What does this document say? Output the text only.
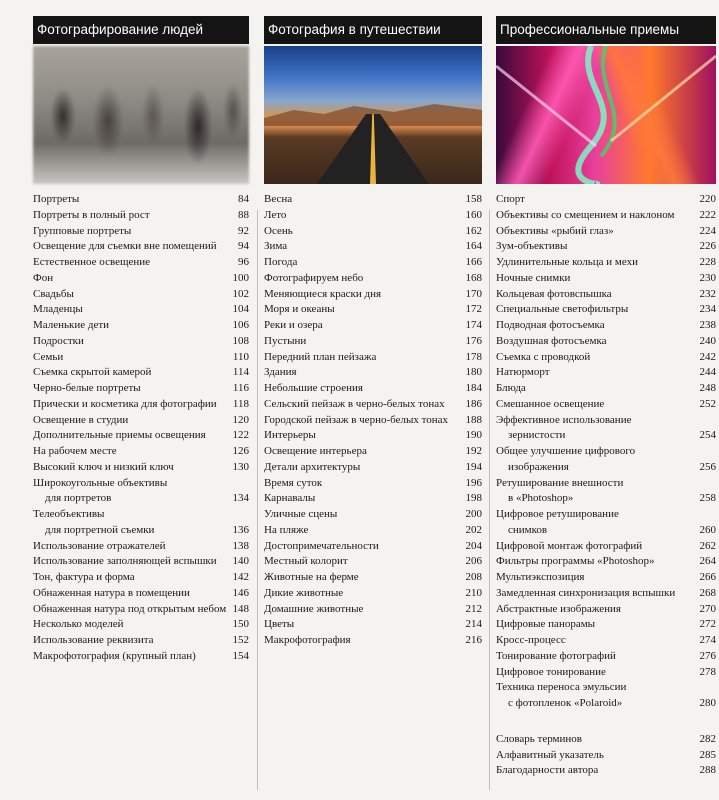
Фотографирование людей
Портреты	84
Портреты в полный рост	88
Групповые портреты	92
Освещение для съемки вне помещений	94
Естественное освещение	96
Фон	100
Свадьбы	102
Младенцы	104
Маленькие дети	106
Подростки	108
Семьи	110
Съемка скрытой камерой	114
Черно-белые портреты	116
Прически и косметика для фотографии	118
Освещение в студии	120
Дополнительные приемы освещения	122
На рабочем месте	126
Высокий ключ и низкий ключ	130
Широкоугольные объективы
для портретов	134
Телеобъективы
для портретной съемки	136
Использование отражателей	138
Использование заполняющей вспышки	140
Тон, фактура и форма	142
Обнаженная натура в помещении	146
Обнаженная натура под открытым небом 148
Несколько моделей	150
Использование реквизита	152
Макрофотография (крупный план)	154
Фотография в путешествии
Весна	158
Лето	160
Осень	162
Зима	164
Погода	166
Фотографируем небо	168
Меняющиеся краски дня	170
Моря и океаны	172
Реки и озера	174
Пустыни	176
Передний план пейзажа	178
Здания	180
Небольшие строения	184
Сельский пейзаж в черно-белых тонах	186
Городской пейзаж в черно-белых тонах	188
Интерьеры	190
Освещение интерьера	192
Детали архитектуры	194
Время суток	196
Карнавалы	198
Уличные сцены	200
На пляже	202
Достопримечательности	204
Местный колорит	206
Животные на ферме	208
Дикие животные	210
Домашние животные	212
Цветы	214
Макрофотография	216
Профессиональные приемы
Спорт	220
Объективы со смещением и наклоном	222
Объективы «рыбий глаз»	224
Зум-объективы	226
Удлинительные кольца и мехи	228
Ночные снимки	230
Кольцевая фотовспышка	232
Специальные светофильтры	234
Подводная фотосъемка	238
Воздушная фотосъемка	240
Съемка с проводкой	242
Натюрморт	244
Блюда	248
Смешанное освещение	252
Эффективное использование
зернистости	254
Общее улучшение цифрового
изображения	256
Ретуширование внешности
в «Photoshop»	258
Цифровое ретуширование
снимков	260
Цифровой монтаж фотографий	262
Фильтры программы «Photoshop»	264
Мультиэкспозиция	266
Замедленная синхронизация вспышки	268
Абстрактные изображения	270
Цифровые панорамы	272
Кросс-процесс	274
Тонирование фотографий	276
Цифровое тонирование	278
Техника переноса эмульсии
с фотопленок «Polaroid»	280
Словарь терминов	282
Алфавитный указатель	285
Благодарности автора	288
